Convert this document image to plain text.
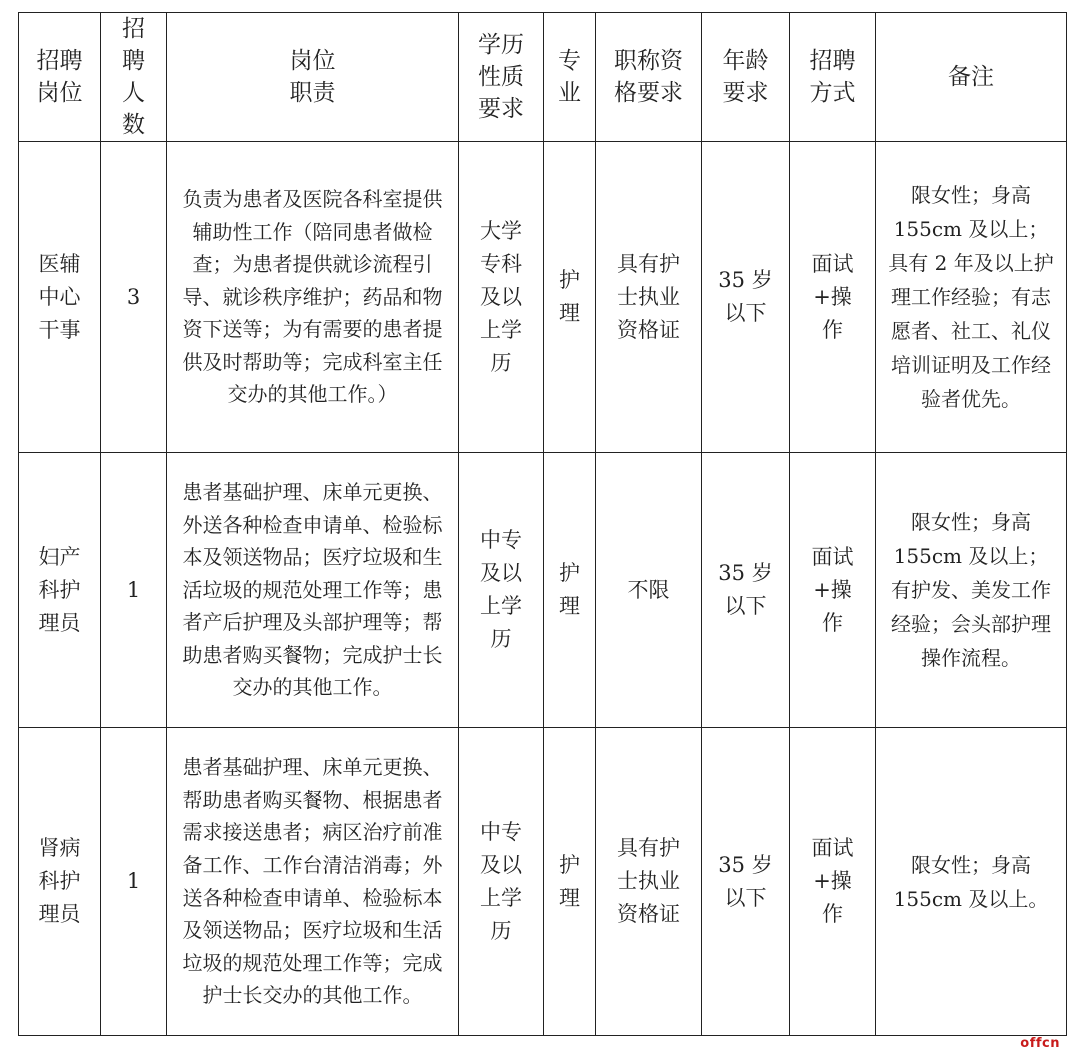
招聘
岗位	招
聘
人
数	岗位
职责	学历
性质
要求	专
业	职称资
格要求	年龄
要求	招聘
方式	备注
医辅
中心
干事	3	负责为患者及医院各科室提供辅助性工作（陪同患者做检查；为患者提供就诊流程引导、就诊秩序维护；药品和物资下送等；为有需要的患者提供及时帮助等；完成科室主任交办的其他工作。）	大学
专科
及以
上学
历	护
理	具有护
士执业
资格证	35 岁
以下	面试
+操
作	限女性；身高155cm 及以上；具有 2 年及以上护理工作经验；有志愿者、社工、礼仪培训证明及工作经验者优先。
妇产
科护
理员	1	患者基础护理、床单元更换、外送各种检查申请单、检验标本及领送物品；医疗垃圾和生活垃圾的规范处理工作等；患者产后护理及头部护理等；帮助患者购买餐物；完成护士长交办的其他工作。	中专
及以
上学
历	护
理	不限	35 岁
以下	面试
+操
作	限女性；身高155cm 及以上；有护发、美发工作经验；会头部护理操作流程。
肾病
科护
理员	1	患者基础护理、床单元更换、帮助患者购买餐物、根据患者需求接送患者；病区治疗前准备工作、工作台清洁消毒；外送各种检查申请单、检验标本及领送物品；医疗垃圾和生活垃圾的规范处理工作等；完成护士长交办的其他工作。	中专
及以
上学
历	护
理	具有护
士执业
资格证	35 岁
以下	面试
+操
作	限女性；身高155cm 及以上。
offcn
